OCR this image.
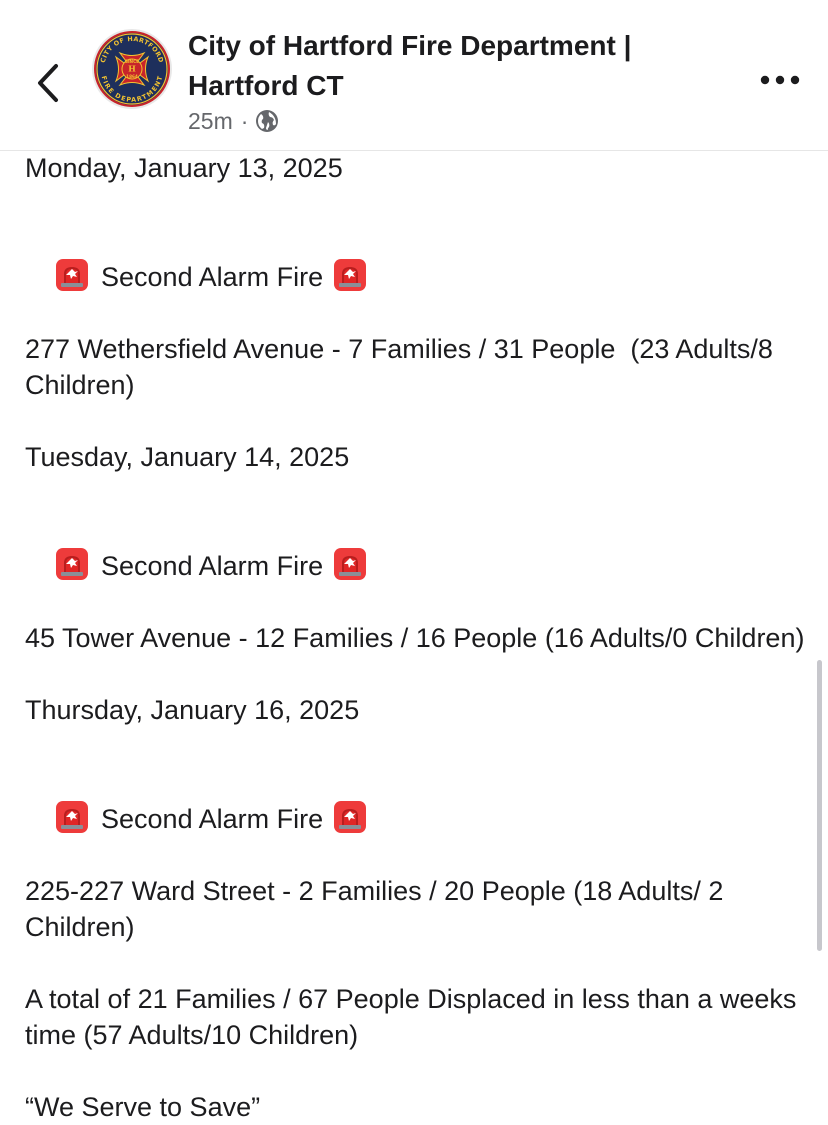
CITY OF HARTFORD
FIRE DEPARTMENT
SINCE
H
1864
City of Hartford Fire Department |
Hartford CT
25m ·
Monday, January 13, 2025

Second Alarm Fire

277 Wethersfield Avenue - 7 Families / 31 People  (23 Adults/8 Children)
Tuesday, January 14, 2025

Second Alarm Fire

45 Tower Avenue - 12 Families / 16 People (16 Adults/0 Children)
Thursday, January 16, 2025

Second Alarm Fire

225-227 Ward Street - 2 Families / 20 People (18 Adults/ 2 Children)
A total of 21 Families / 67 People Displaced in less than a weeks time (57 Adults/10 Children)
“We Serve to Save”
